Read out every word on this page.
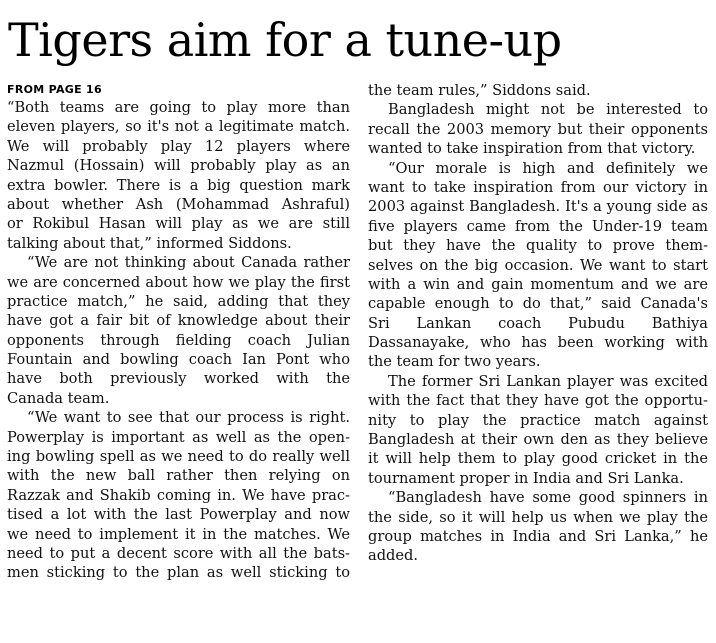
Tigers aim for a tune-up
FROM PAGE 16
“Both teams are going to play more than
eleven players, so it's not a legitimate match.
We will probably play 12 players where
Nazmul (Hossain) will probably play as an
extra bowler. There is a big question mark
about whether Ash (Mohammad Ashraful)
or Rokibul Hasan will play as we are still
talking about that,” informed Siddons.
“We are not thinking about Canada rather
we are concerned about how we play the first
practice match,” he said, adding that they
have got a fair bit of knowledge about their
opponents through fielding coach Julian
Fountain and bowling coach Ian Pont who
have both previously worked with the
Canada team.
“We want to see that our process is right.
Powerplay is important as well as the open-
ing bowling spell as we need to do really well
with the new ball rather then relying on
Razzak and Shakib coming in. We have prac-
tised a lot with the last Powerplay and now
we need to implement it in the matches. We
need to put a decent score with all the bats-
men sticking to the plan as well sticking to
the team rules,” Siddons said.
Bangladesh might not be interested to
recall the 2003 memory but their opponents
wanted to take inspiration from that victory.
“Our morale is high and definitely we
want to take inspiration from our victory in
2003 against Bangladesh. It's a young side as
five players came from the Under-19 team
but they have the quality to prove them-
selves on the big occasion. We want to start
with a win and gain momentum and we are
capable enough to do that,” said Canada's
Sri Lankan coach Pubudu Bathiya
Dassanayake, who has been working with
the team for two years.
The former Sri Lankan player was excited
with the fact that they have got the opportu-
nity to play the practice match against
Bangladesh at their own den as they believe
it will help them to play good cricket in the
tournament proper in India and Sri Lanka.
“Bangladesh have some good spinners in
the side, so it will help us when we play the
group matches in India and Sri Lanka,” he
added.
